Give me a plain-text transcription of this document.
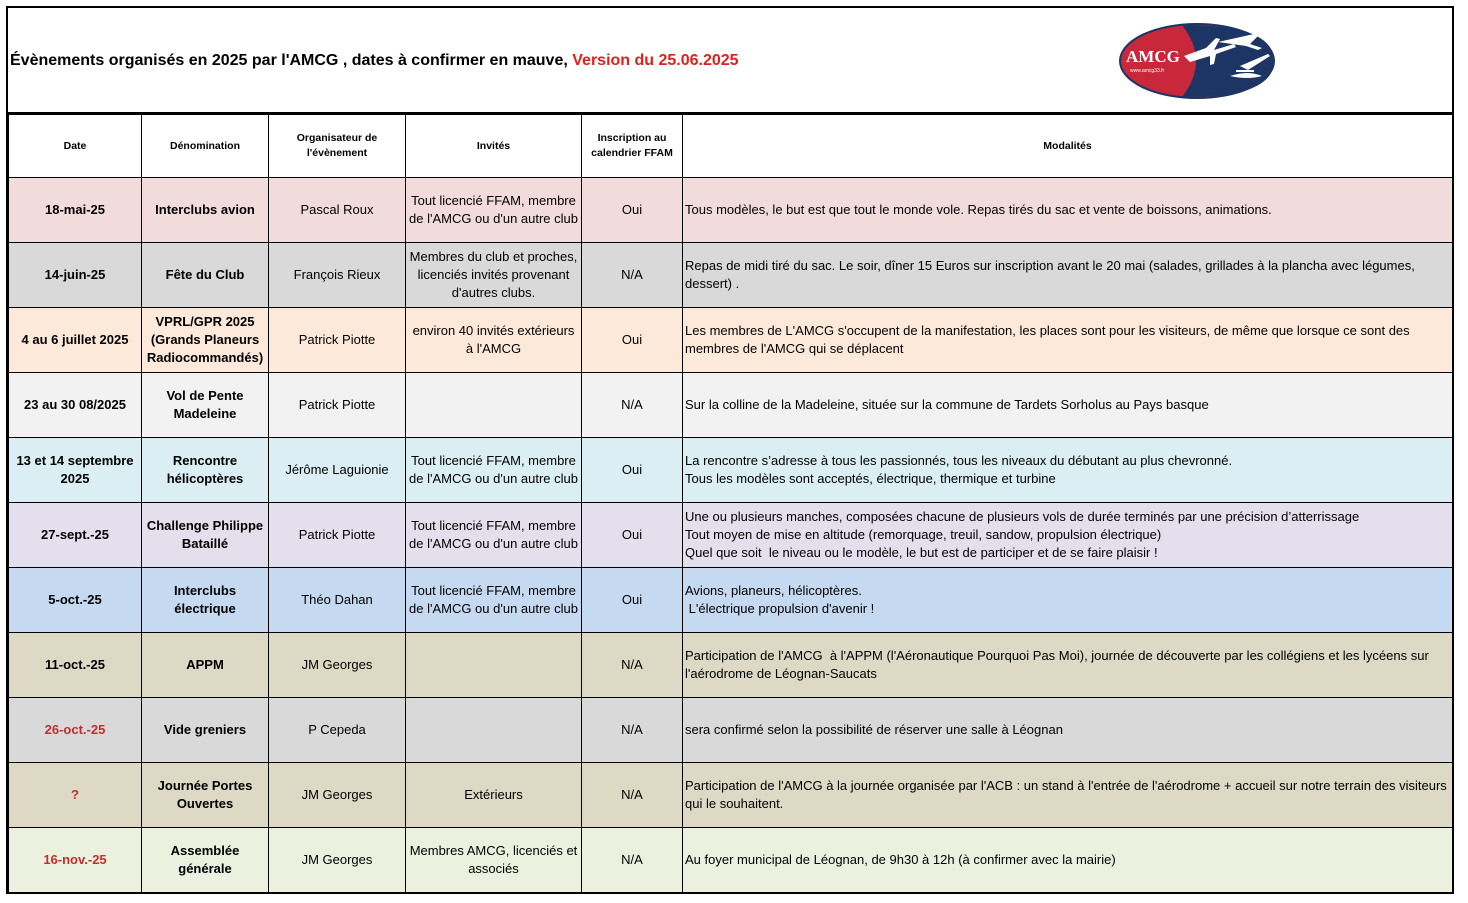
Évènements organisés en 2025 par l'AMCG , dates à confirmer en mauve, Version du 25.06.2025	AMCG
www.amcg33.fr
Date	Dénomination	Organisateur de l'évènement	Invités	Inscription au calendrier FFAM	Modalités
18-mai-25	Interclubs avion	Pascal Roux	Tout licencié FFAM, membre de l'AMCG ou d'un autre club	Oui	Tous modèles, le but est que tout le monde vole. Repas tirés du sac et vente de boissons, animations.

14-juin-25	Fête du Club	François Rieux	Membres du club et proches, licenciés invités provenant d'autres clubs.	N/A	Repas de midi tiré du sac. Le soir, dîner 15 Euros sur inscription avant le 20 mai (salades, grillades à la plancha avec légumes, dessert) .

4 au 6 juillet 2025	VPRL/GPR 2025 (Grands Planeurs Radiocommandés)	Patrick Piotte	environ 40 invités extérieurs à l'AMCG	Oui	Les membres de L'AMCG s'occupent de la manifestation, les places sont pour les visiteurs, de même que lorsque ce sont des membres de l'AMCG qui se déplacent

23 au 30 08/2025	Vol de Pente Madeleine	Patrick Piotte		N/A	Sur la colline de la Madeleine, située sur la commune de Tardets Sorholus au Pays basque

13 et 14 septembre 2025	Rencontre hélicoptères	Jérôme Laguionie	Tout licencié FFAM, membre de l'AMCG ou d'un autre club	Oui	La rencontre s’adresse à tous les passionnés, tous les niveaux du débutant au plus chevronné.
Tous les modèles sont acceptés, électrique, thermique et turbine

27-sept.-25	Challenge Philippe Bataillé	Patrick Piotte	Tout licencié FFAM, membre de l'AMCG ou d'un autre club	Oui	Une ou plusieurs manches, composées chacune de plusieurs vols de durée terminés par une précision d’atterrissage
Tout moyen de mise en altitude (remorquage, treuil, sandow, propulsion électrique)
Quel que soit  le niveau ou le modèle, le but est de participer et de se faire plaisir !

5-oct.-25	Interclubs électrique	Théo Dahan	Tout licencié FFAM, membre de l'AMCG ou d'un autre club	Oui	Avions, planeurs, hélicoptères.
L'électrique propulsion d'avenir !

11-oct.-25	APPM	JM Georges		N/A	Participation de l'AMCG  à l'APPM (l'Aéronautique Pourquoi Pas Moi), journée de découverte par les collégiens et les lycéens sur l'aérodrome de Léognan-Saucats

26-oct.-25	Vide greniers	P Cepeda		N/A	sera confirmé selon la possibilité de réserver une salle à Léognan

?	Journée Portes Ouvertes	JM Georges	Extérieurs	N/A	Participation de l'AMCG à la journée organisée par l'ACB : un stand à l'entrée de l'aérodrome + accueil sur notre terrain des visiteurs qui le souhaitent.

16-nov.-25	Assemblée générale	JM Georges	Membres AMCG, licenciés et associés	N/A	Au foyer municipal de Léognan, de 9h30 à 12h (à confirmer avec la mairie)
